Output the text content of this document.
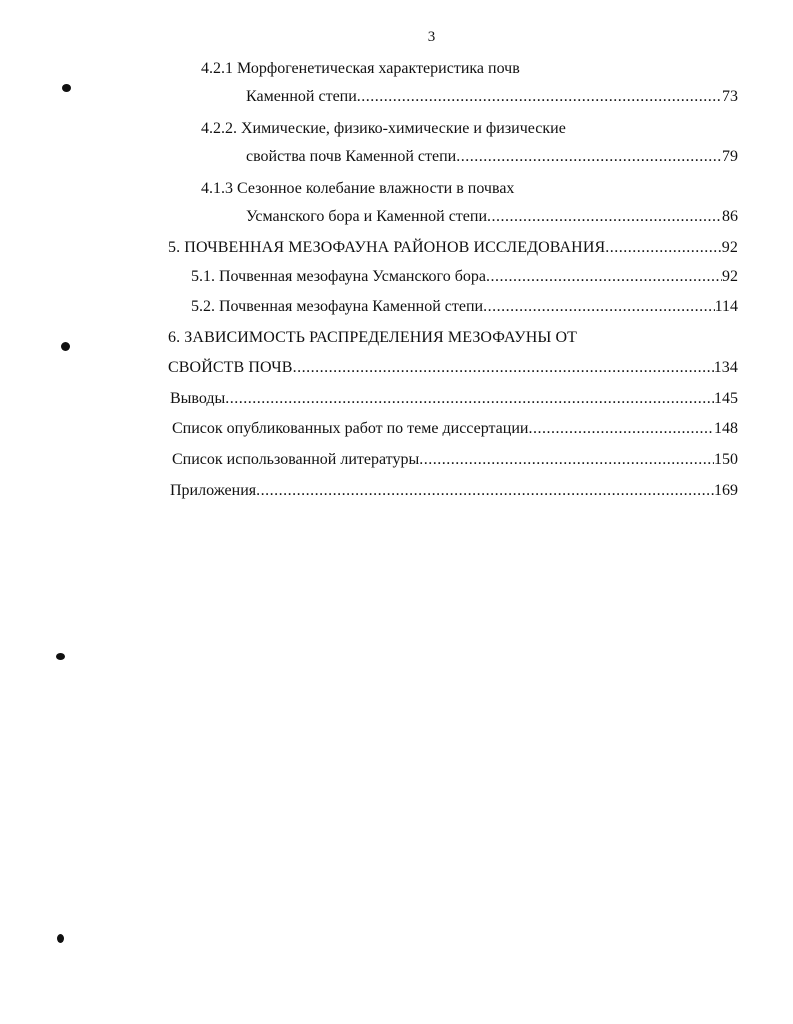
3
4.2.1 Морфогенетическая характеристика почв
Каменной степи .....	73
4.2.2. Химические, физико-химические и физические
свойства почв Каменной степи .....	79
4.1.3 Сезонное колебание влажности в почвах
Усманского бора и Каменной степи .....	86
5. ПОЧВЕННАЯ МЕЗОФАУНА РАЙОНОВ ИССЛЕДОВАНИЯ .....	92
5.1. Почвенная мезофауна Усманского бора .....	92
5.2. Почвенная мезофауна Каменной степи .....	114
6. ЗАВИСИМОСТЬ РАСПРЕДЕЛЕНИЯ МЕЗОФАУНЫ ОТ
СВОЙСТВ ПОЧВ .....	134
Выводы .....	145
Список опубликованных работ по теме диссертации .....	148
Список использованной литературы .....	150
Приложения .....	169
